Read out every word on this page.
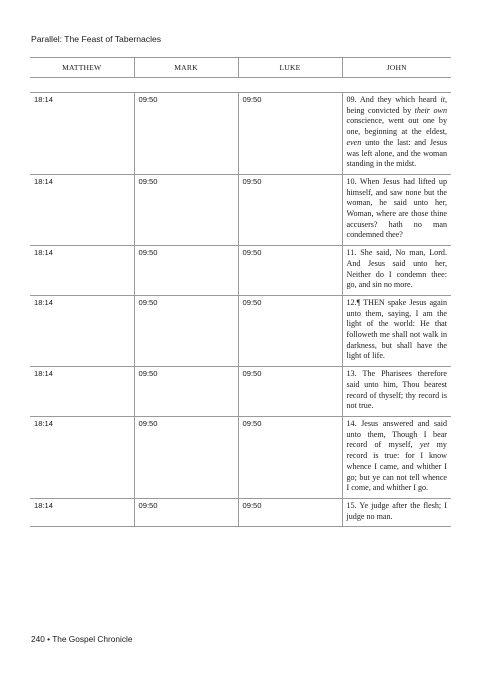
Parallel: The Feast of Tabernacles
MATTHEW	MARK	LUKE	JOHN

18:14	09:50	09:50	09. And they which heard it, being convicted by their own conscience, went out one by one, beginning at the eldest, even unto the last: and Jesus was left alone, and the woman standing in the midst.
18:14	09:50	09:50	10. When Jesus had lifted up himself, and saw none but the woman, he said unto her, Woman, where are those thine accusers? hath no man condemned thee?
18:14	09:50	09:50	11. She said, No man, Lord. And Jesus said unto her, Neither do I condemn thee: go, and sin no more.
18:14	09:50	09:50	12.¶ THEN spake Jesus again unto them, saying, I am the light of the world: He that followeth me shall not walk in darkness, but shall have the light of life.
18:14	09:50	09:50	13. The Pharisees therefore said unto him, Thou bearest record of thyself; thy record is not true.
18:14	09:50	09:50	14. Jesus answered and said unto them, Though I bear record of myself, yet my record is true: for I know whence I came, and whither I go; but ye can not tell whence I come, and whither I go.
18:14	09:50	09:50	15. Ye judge after the flesh; I judge no man.
240 • The Gospel Chronicle
